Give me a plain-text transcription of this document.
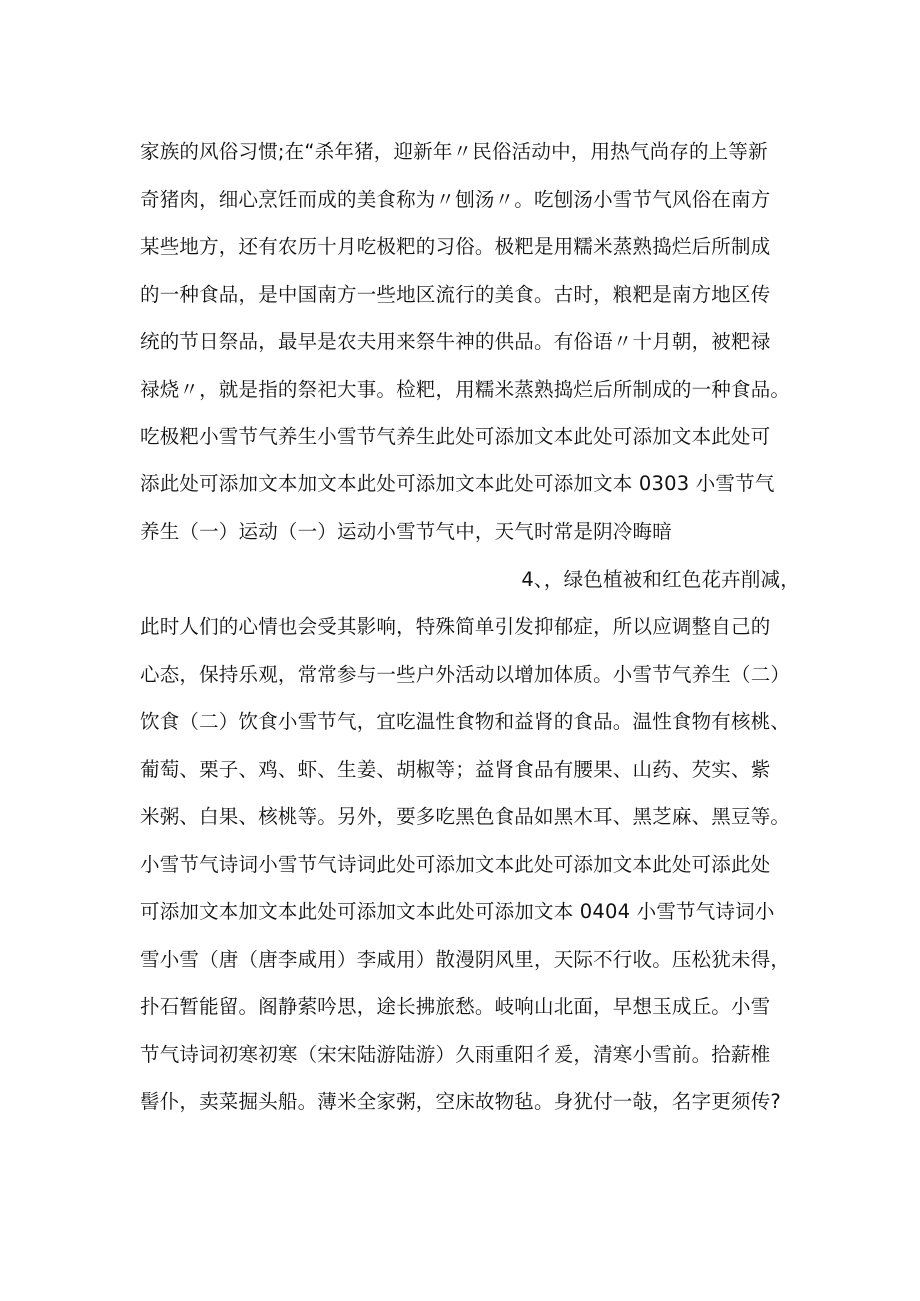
家族的风俗习惯;在“杀年猪，迎新年〃民俗活动中，用热气尚存的上等新
奇猪肉，细心烹饪而成的美食称为〃刨汤〃。吃刨汤小雪节气风俗在南方
某些地方，还有农历十月吃极粑的习俗。极粑是用糯米蒸熟捣烂后所制成
的一种食品，是中国南方一些地区流行的美食。古时，粮粑是南方地区传
统的节日祭品，最早是农夫用来祭牛神的供品。有俗语〃十月朝，被粑禄
禄烧〃，就是指的祭祀大事。检粑，用糯米蒸熟捣烂后所制成的一种食品。
吃极粑小雪节气养生小雪节气养生此处可添加文本此处可添加文本此处可
添此处可添加文本加文本此处可添加文本此处可添加文本 0303 小雪节气
养生（一）运动（一）运动小雪节气中，天气时常是阴冷晦暗
4、，绿色植被和红色花卉削减，
此时人们的心情也会受其影响，特殊简单引发抑郁症，所以应调整自己的
心态，保持乐观，常常参与一些户外活动以增加体质。小雪节气养生（二）
饮食（二）饮食小雪节气，宜吃温性食物和益肾的食品。温性食物有核桃、
葡萄、栗子、鸡、虾、生姜、胡椒等；益肾食品有腰果、山药、芡实、紫
米粥、白果、核桃等。另外，要多吃黑色食品如黑木耳、黑芝麻、黑豆等。
小雪节气诗词小雪节气诗词此处可添加文本此处可添加文本此处可添此处
可添加文本加文本此处可添加文本此处可添加文本 0404 小雪节气诗词小
雪小雪（唐（唐李咸用）李咸用）散漫阴风里，天际不行收。压松犹未得，
扑石暂能留。阁静萦吟思，途长拂旅愁。岐响山北面，早想玉成丘。小雪
节气诗词初寒初寒（宋宋陆游陆游）久雨重阳彳爰，清寒小雪前。拾薪椎
髻仆，卖菜掘头船。薄米全家粥，空床故物毡。身犹付一敧，名字更须传?
